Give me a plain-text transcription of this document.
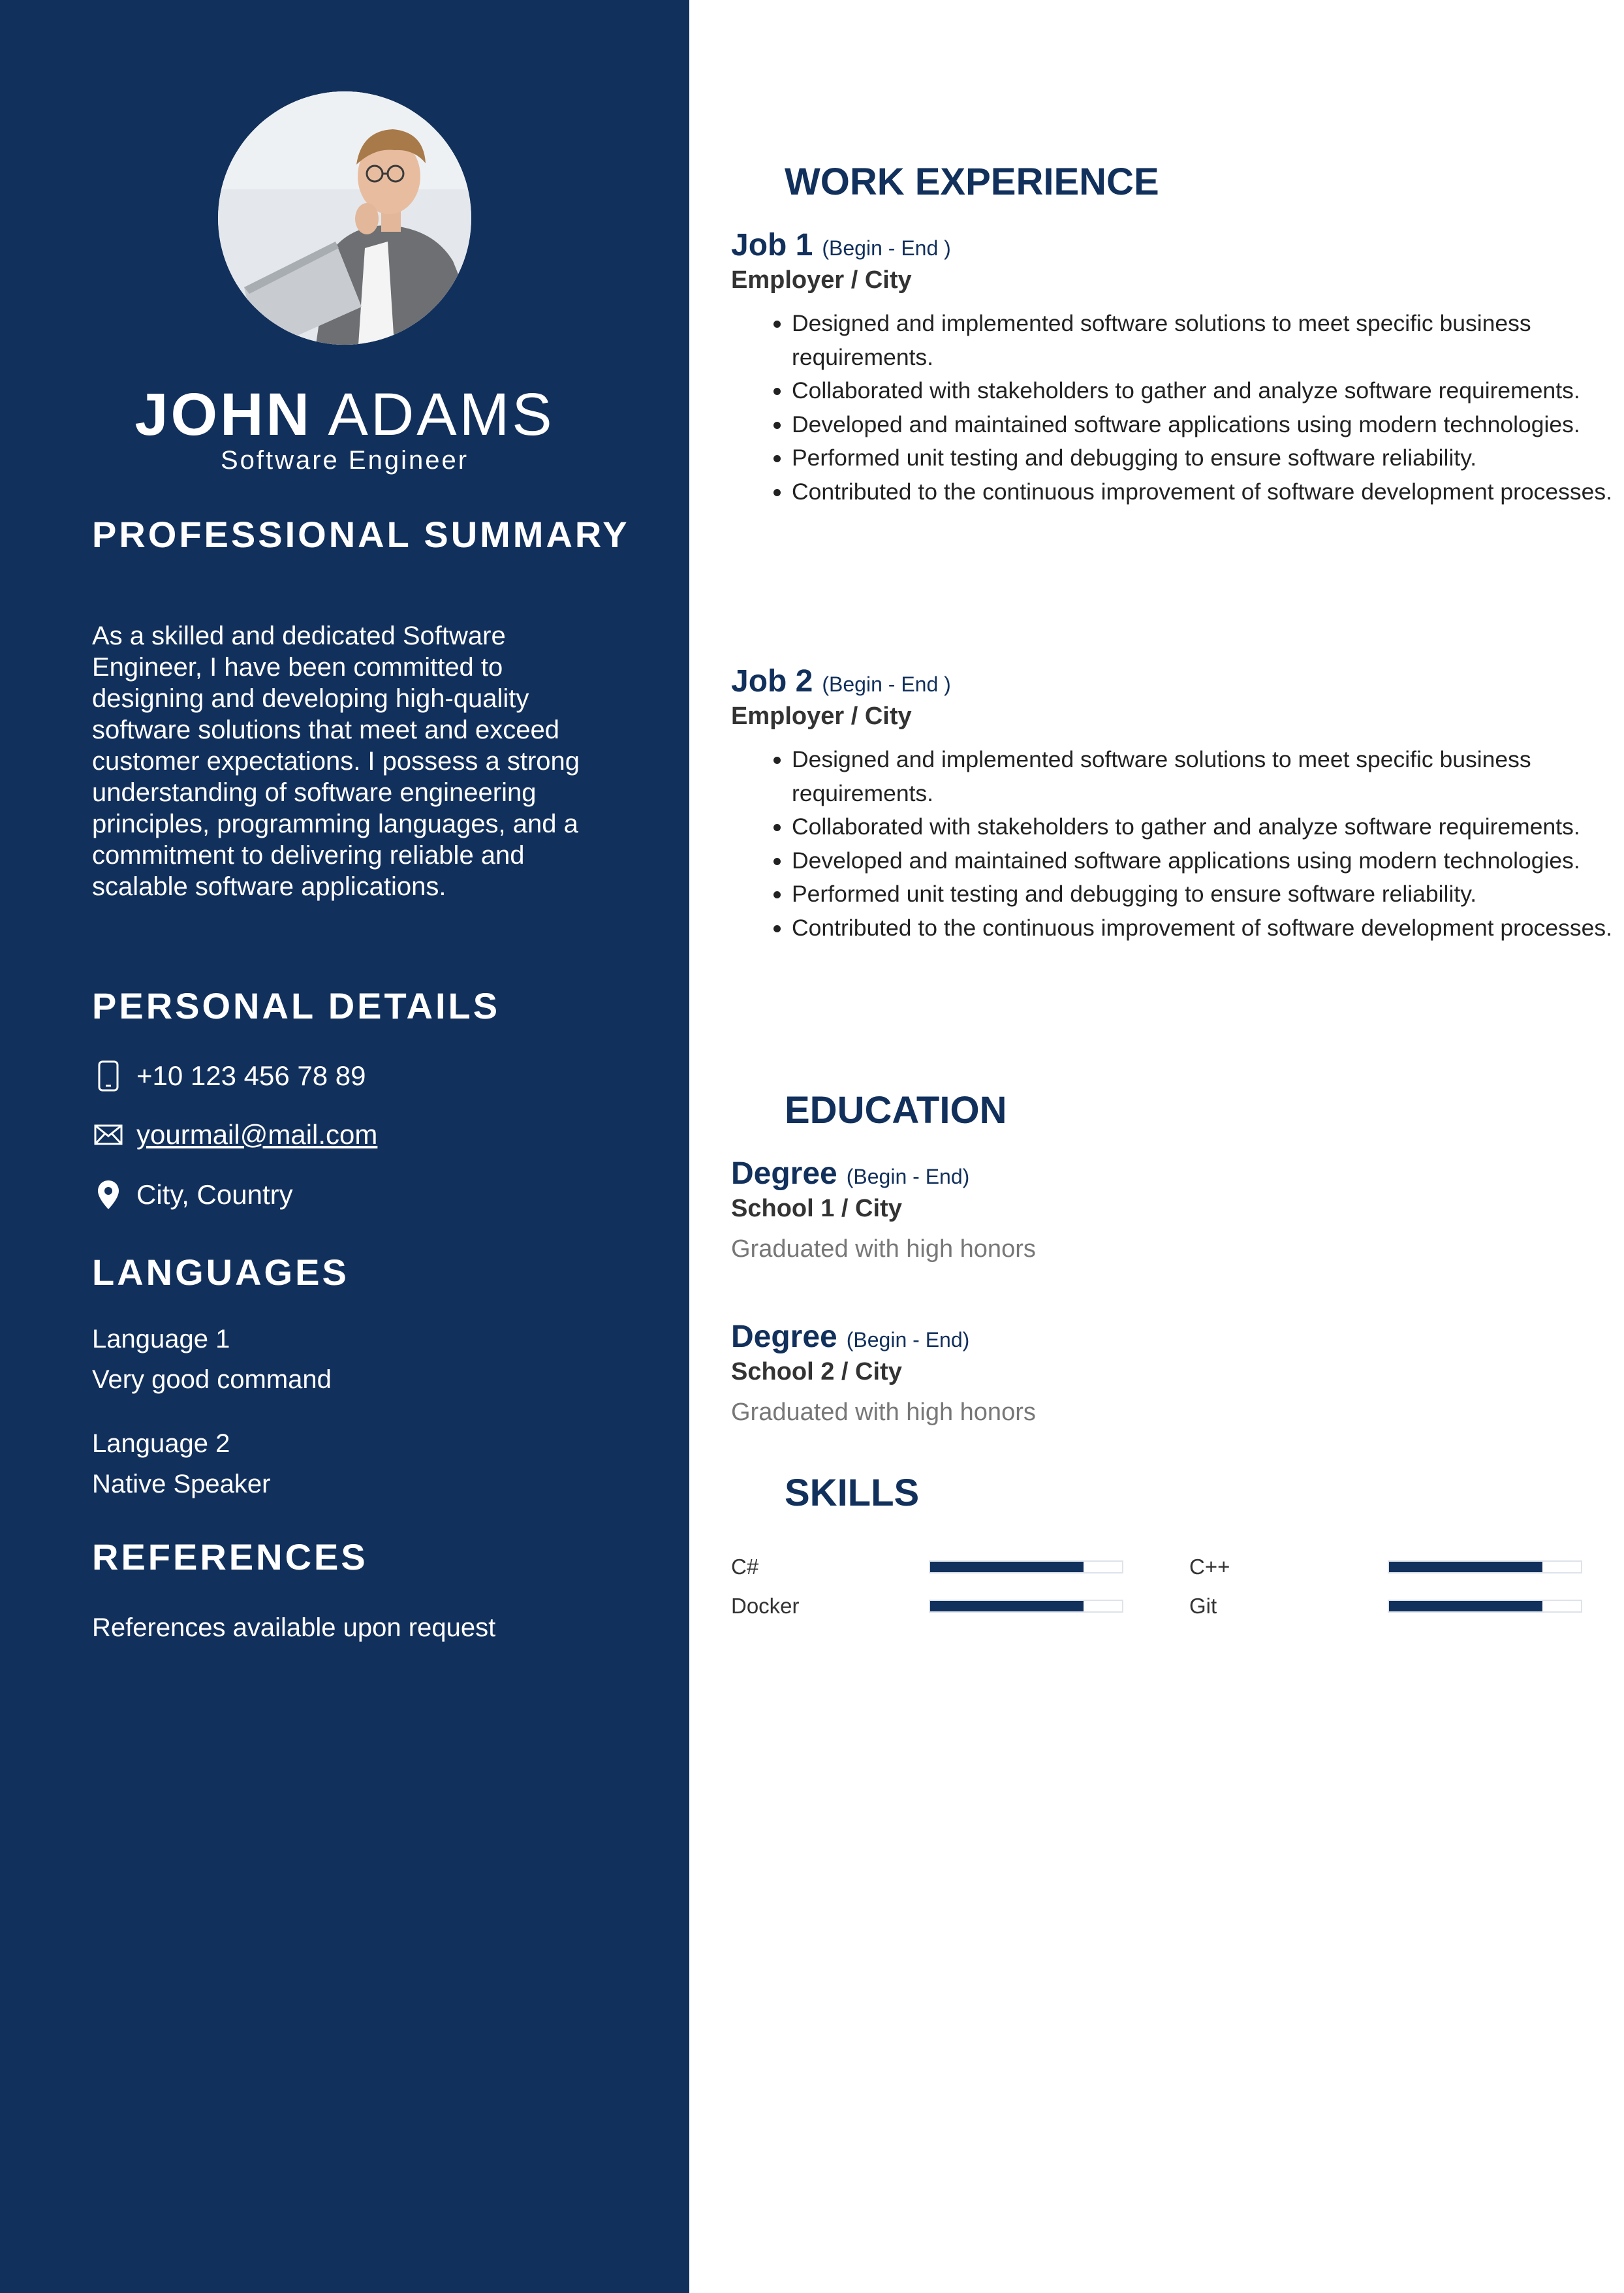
JOHN ADAMS
Software Engineer
PROFESSIONAL SUMMARY

As a skilled and dedicated Software Engineer, I have been committed to designing and developing high-quality software solutions that meet and exceed customer expectations. I possess a strong understanding of software engineering principles, programming languages, and a commitment to delivering reliable and scalable software applications.

PERSONAL DETAILS
+10 123 456 78 89
yourmail@mail.com
City, Country
LANGUAGES
Language 1
Very good command
Language 2
Native Speaker
REFERENCES
References available upon request
WORK EXPERIENCE
Job 1 (Begin - End )
Employer / City
• Designed and implemented software solutions to meet specific business requirements.
• Collaborated with stakeholders to gather and analyze software requirements.
• Developed and maintained software applications using modern technologies.
• Performed unit testing and debugging to ensure software reliability.
• Contributed to the continuous improvement of software development processes.
Job 2 (Begin - End )
Employer / City
• Designed and implemented software solutions to meet specific business requirements.
• Collaborated with stakeholders to gather and analyze software requirements.
• Developed and maintained software applications using modern technologies.
• Performed unit testing and debugging to ensure software reliability.
• Contributed to the continuous improvement of software development processes.
EDUCATION
Degree (Begin - End)
School 1 / City
Graduated with high honors
Degree (Begin - End)
School 2 / City
Graduated with high honors
SKILLS
C#	C++
Docker	Git
